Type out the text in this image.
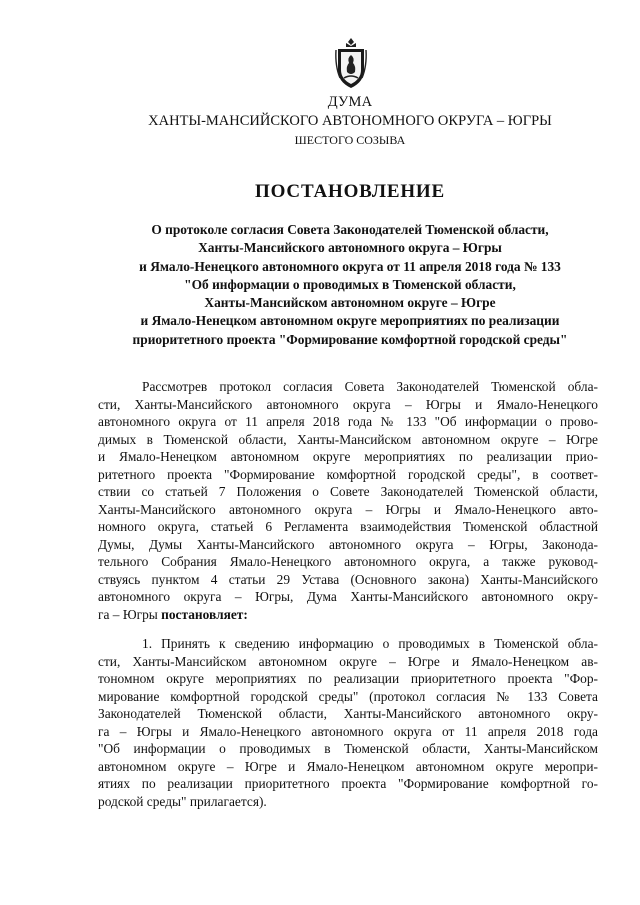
ДУМА
ХАНТЫ-МАНСИЙСКОГО АВТОНОМНОГО ОКРУГА – ЮГРЫ
ШЕСТОГО СОЗЫВА
ПОСТАНОВЛЕНИЕ
О протоколе согласия Совета Законодателей Тюменской области,
Ханты-Мансийского автономного округа – Югры
и Ямало-Ненецкого автономного округа от 11 апреля 2018 года № 133
"Об информации о проводимых в Тюменской области,
Ханты-Мансийском автономном округе – Югре
и Ямало-Ненецком автономном округе мероприятиях по реализации
приоритетного проекта "Формирование комфортной городской среды"
Рассмотрев протокол согласия Совета Законодателей Тюменской обла-
сти, Ханты-Мансийского автономного округа – Югры и Ямало-Ненецкого
автономного округа от 11 апреля 2018 года № 133 "Об информации о прово-
димых в Тюменской области, Ханты-Мансийском автономном округе – Югре
и Ямало-Ненецком автономном округе мероприятиях по реализации прио-
ритетного проекта "Формирование комфортной городской среды", в соответ-
ствии со статьей 7 Положения о Совете Законодателей Тюменской области,
Ханты-Мансийского автономного округа – Югры и Ямало-Ненецкого авто-
номного округа, статьей 6 Регламента взаимодействия Тюменской областной
Думы, Думы Ханты-Мансийского автономного округа – Югры, Законода-
тельного Собрания Ямало-Ненецкого автономного округа, а также руковод-
ствуясь пунктом 4 статьи 29 Устава (Основного закона) Ханты-Мансийского
автономного округа – Югры, Дума Ханты-Мансийского автономного окру-
га – Югры постановляет:
1. Принять к сведению информацию о проводимых в Тюменской обла-
сти, Ханты-Мансийском автономном округе – Югре и Ямало-Ненецком ав-
тономном округе мероприятиях по реализации приоритетного проекта "Фор-
мирование комфортной городской среды" (протокол согласия № 133 Совета
Законодателей Тюменской области, Ханты-Мансийского автономного окру-
га – Югры и Ямало-Ненецкого автономного округа от 11 апреля 2018 года
"Об информации о проводимых в Тюменской области, Ханты-Мансийском
автономном округе – Югре и Ямало-Ненецком автономном округе меропри-
ятиях по реализации приоритетного проекта "Формирование комфортной го-
родской среды" прилагается).
